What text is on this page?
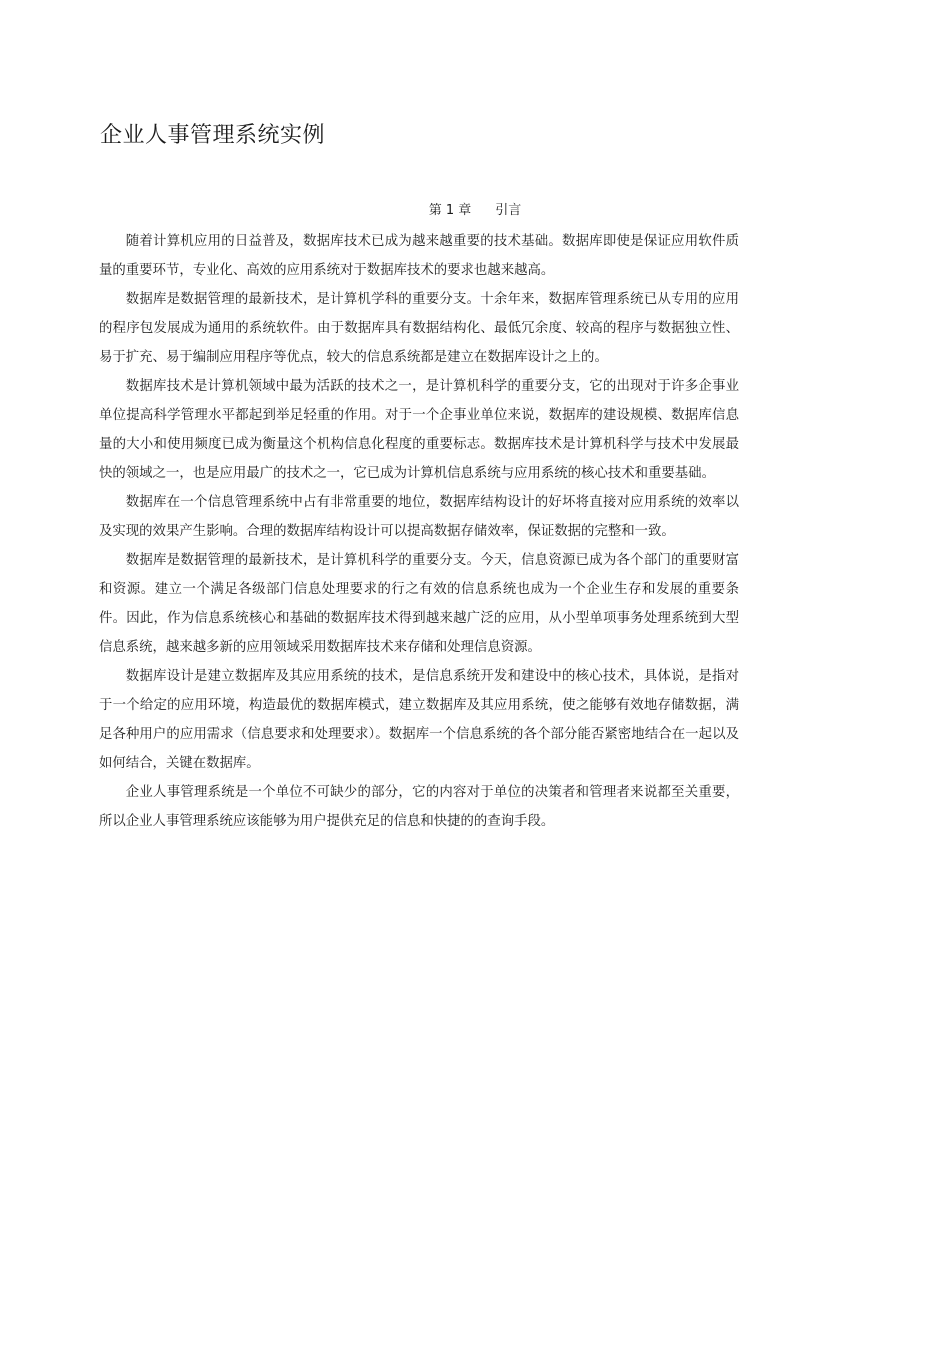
企业人事管理系统实例
第 1 章 引言

随着计算机应用的日益普及，数据库技术已成为越来越重要的技术基础。数据库即使是保证应用软件质量的重要环节，专业化、高效的应用系统对于数据库技术的要求也越来越高。

数据库是数据管理的最新技术，是计算机学科的重要分支。十余年来，数据库管理系统已从专用的应用的程序包发展成为通用的系统软件。由于数据库具有数据结构化、最低冗余度、较高的程序与数据独立性、易于扩充、易于编制应用程序等优点，较大的信息系统都是建立在数据库设计之上的。

数据库技术是计算机领域中最为活跃的技术之一，是计算机科学的重要分支，它的出现对于许多企事业单位提高科学管理水平都起到举足轻重的作用。对于一个企事业单位来说，数据库的建设规模、数据库信息量的大小和使用频度已成为衡量这个机构信息化程度的重要标志。数据库技术是计算机科学与技术中发展最快的领域之一，也是应用最广的技术之一，它已成为计算机信息系统与应用系统的核心技术和重要基础。

数据库在一个信息管理系统中占有非常重要的地位，数据库结构设计的好坏将直接对应用系统的效率以及实现的效果产生影响。合理的数据库结构设计可以提高数据存储效率，保证数据的完整和一致。

数据库是数据管理的最新技术，是计算机科学的重要分支。今天，信息资源已成为各个部门的重要财富和资源。建立一个满足各级部门信息处理要求的行之有效的信息系统也成为一个企业生存和发展的重要条件。因此，作为信息系统核心和基础的数据库技术得到越来越广泛的应用，从小型单项事务处理系统到大型信息系统，越来越多新的应用领域采用数据库技术来存储和处理信息资源。

数据库设计是建立数据库及其应用系统的技术，是信息系统开发和建设中的核心技术，具体说，是指对于一个给定的应用环境，构造最优的数据库模式，建立数据库及其应用系统，使之能够有效地存储数据，满足各种用户的应用需求（信息要求和处理要求）。数据库一个信息系统的各个部分能否紧密地结合在一起以及如何结合，关键在数据库。

企业人事管理系统是一个单位不可缺少的部分，它的内容对于单位的决策者和管理者来说都至关重要，所以企业人事管理系统应该能够为用户提供充足的信息和快捷的的查询手段。
